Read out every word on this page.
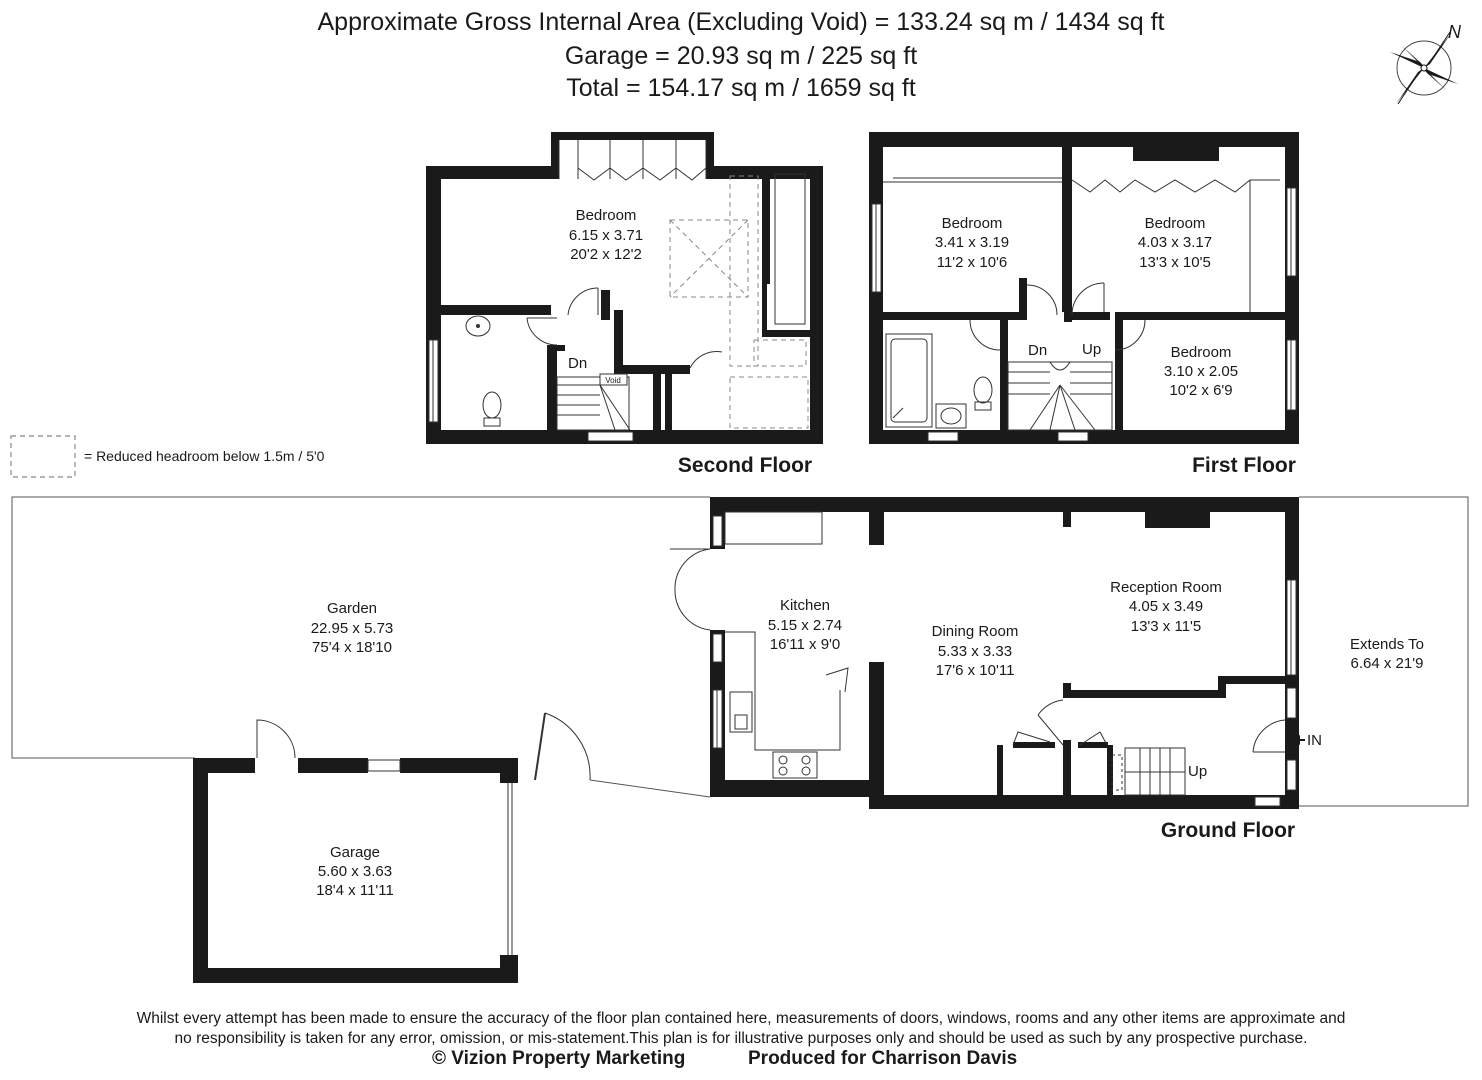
Approximate Gross Internal Area (Excluding Void) = 133.24 sq m / 1434 sq ft
Garage = 20.93 sq m / 225 sq ft
Total = 154.17 sq m / 1659 sq ft
N
= Reduced headroom below 1.5m / 5'0
Void
Dn
Bedroom
6.15 x 3.71
20'2 x 12'2
Second Floor
Dn Up
Bedroom
3.41 x 3.19
11'2 x 10'6
Bedroom
4.03 x 3.17
13'3 x 10'5
Bedroom
3.10 x 2.05
10'2 x 6'9
First Floor
IN
Up
Garden
22.95 x 5.73
75'4 x 18'10
Kitchen
5.15 x 2.74
16'11 x 9'0
Dining Room
5.33 x 3.33
17'6 x 10'11
Reception Room
4.05 x 3.49
13'3 x 11'5
Extends To
6.64 x 21'9
Garage
5.60 x 3.63
18'4 x 11'11
Ground Floor
Whilst every attempt has been made to ensure the accuracy of the floor plan contained here, measurements of doors, windows, rooms and any other items are approximate and
no responsibility is taken for any error, omission, or mis-statement.This plan is for illustrative purposes only and should be used as such by any prospective purchase.
© Vizion Property Marketing	Produced for Charrison Davis
